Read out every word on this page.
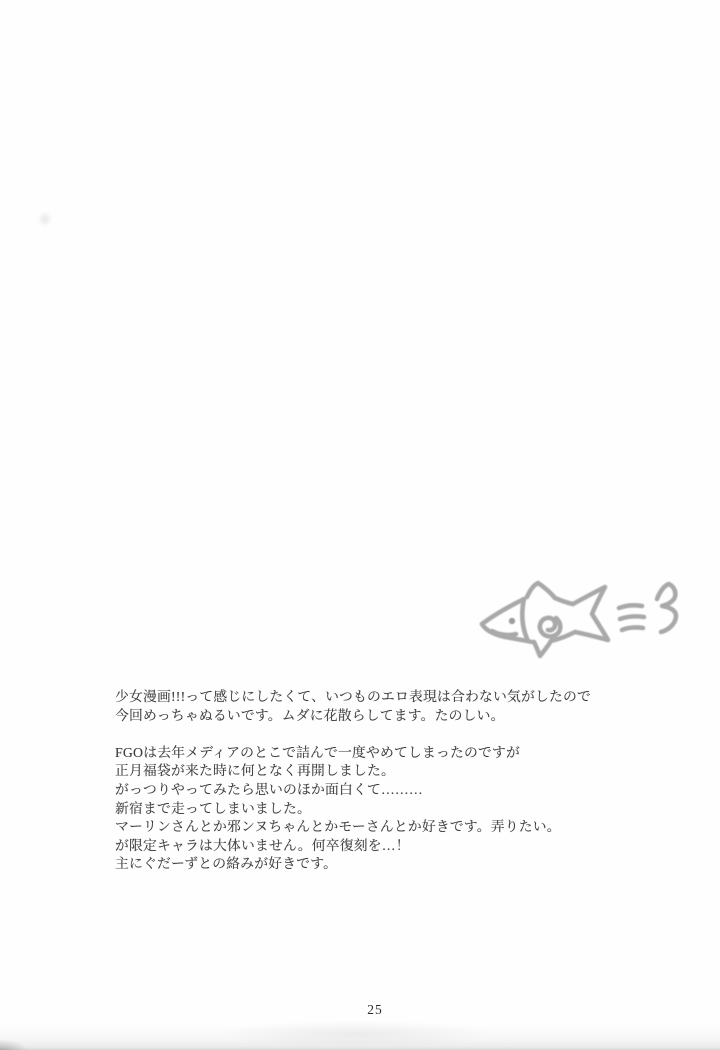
少女漫画!!!って感じにしたくて、いつものエロ表現は合わない気がしたので
今回めっちゃぬるいです。ムダに花散らしてます。たのしい。

FGOは去年メディアのとこで詰んで一度やめてしまったのですが
正月福袋が来た時に何となく再開しました。
がっつりやってみたら思いのほか面白くて………
新宿まで走ってしまいました。
マーリンさんとか邪ンヌちゃんとかモーさんとか好きです。弄りたい。
が限定キャラは大体いません。何卒復刻を…！
主にぐだーずとの絡みが好きです。

25
